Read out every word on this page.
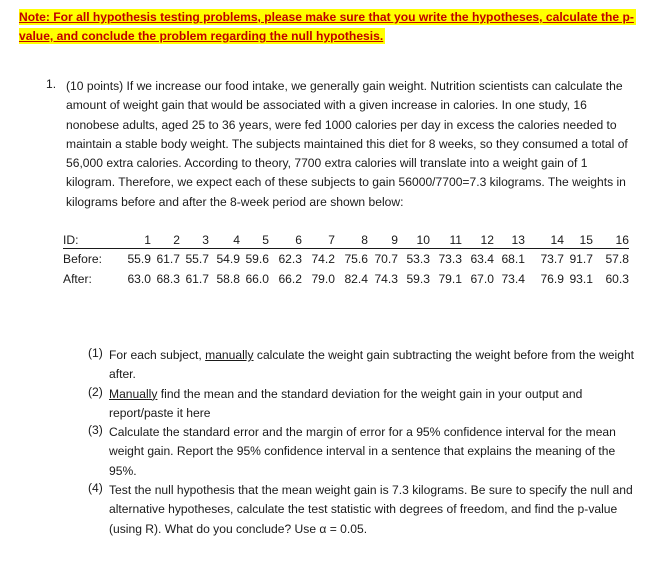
Note: For all hypothesis testing problems, please make sure that you write the hypotheses, calculate the p-
value, and conclude the problem regarding the null hypothesis.
1. (10 points) If we increase our food intake, we generally gain weight. Nutrition scientists can calculate the amount of weight gain that would be associated with a given increase in calories. In one study, 16 nonobese adults, aged 25 to 36 years, were fed 1000 calories per day in excess the calories needed to maintain a stable body weight. The subjects maintained this diet for 8 weeks, so they consumed a total of 56,000 extra calories. According to theory, 7700 extra calories will translate into a weight gain of 1 kilogram. Therefore, we expect each of these subjects to gain 56000/7700=7.3 kilograms. The weights in kilograms before and after the 8-week period are shown below:
ID:	1	2	3	4	5	6	7	8	9	10	11	12	13	14	15	16
Before:	55.9	61.7	55.7	54.9	59.6	62.3	74.2	75.6	70.7	53.3	73.3	63.4	68.1	73.7	91.7	57.8
After:	63.0	68.3	61.7	58.8	66.0	66.2	79.0	82.4	74.3	59.3	79.1	67.0	73.4	76.9	93.1	60.3
(1) For each subject, manually calculate the weight gain subtracting the weight before from the weight after.
(2) Manually find the mean and the standard deviation for the weight gain in your output and report/paste it here
(3) Calculate the standard error and the margin of error for a 95% confidence interval for the mean weight gain. Report the 95% confidence interval in a sentence that explains the meaning of the 95%.
(4) Test the null hypothesis that the mean weight gain is 7.3 kilograms. Be sure to specify the null and alternative hypotheses, calculate the test statistic with degrees of freedom, and find the p-value (using R). What do you conclude? Use α = 0.05.
